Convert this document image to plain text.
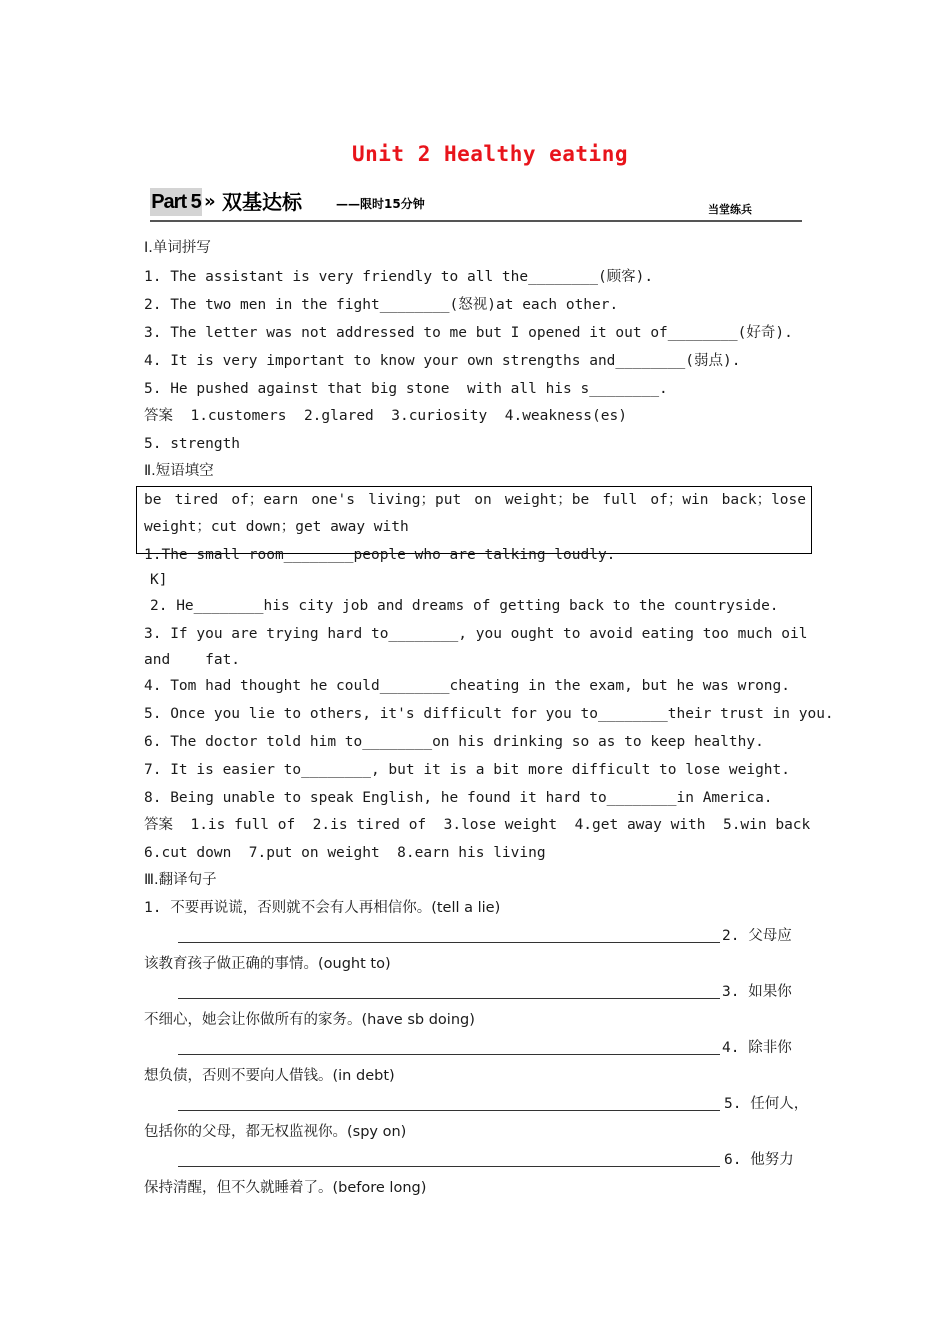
Unit 2 Healthy eating
Part 5 » 双基达标	——限时15分钟	当堂练兵
Ⅰ.单词拼写
1. The assistant is very friendly to all the________(顾客).
2. The two men in the fight________(怒视)at each other.
3. The letter was not addressed to me but I opened it out of________(好奇).
4. It is very important to know your own strengths and________(弱点).
5. He pushed against that big stone  with all his s________.
答案  1.customers  2.glared  3.curiosity  4.weakness(es)
5. strength
Ⅱ.短语填空
be tired of；earn one's living；put on weight；be full of；win back；lose
weight；cut down；get away with
1.The small room________people who are talking loudly.
K]
2. He________his city job and dreams of getting back to the countryside.
3. If you are trying hard to________, you ought to avoid eating too much oil
and    fat.
4. Tom had thought he could________cheating in the exam, but he was wrong.
5. Once you lie to others, it's difficult for you to________their trust in you.
6. The doctor told him to________on his drinking so as to keep healthy.
7. It is easier to________, but it is a bit more difficult to lose weight.
8. Being unable to speak English, he found it hard to________in America.
答案  1.is full of  2.is tired of  3.lose weight  4.get away with  5.win back
6.cut down  7.put on weight  8.earn his living
Ⅲ.翻译句子
1. 不要再说谎，否则就不会有人再相信你。(tell a lie)
2. 父母应
该教育孩子做正确的事情。(ought to)
3. 如果你
不细心，她会让你做所有的家务。(have sb doing)
4. 除非你
想负债，否则不要向人借钱。(in debt)
5. 任何人，
包括你的父母，都无权监视你。(spy on)
6. 他努力
保持清醒，但不久就睡着了。(before long)
